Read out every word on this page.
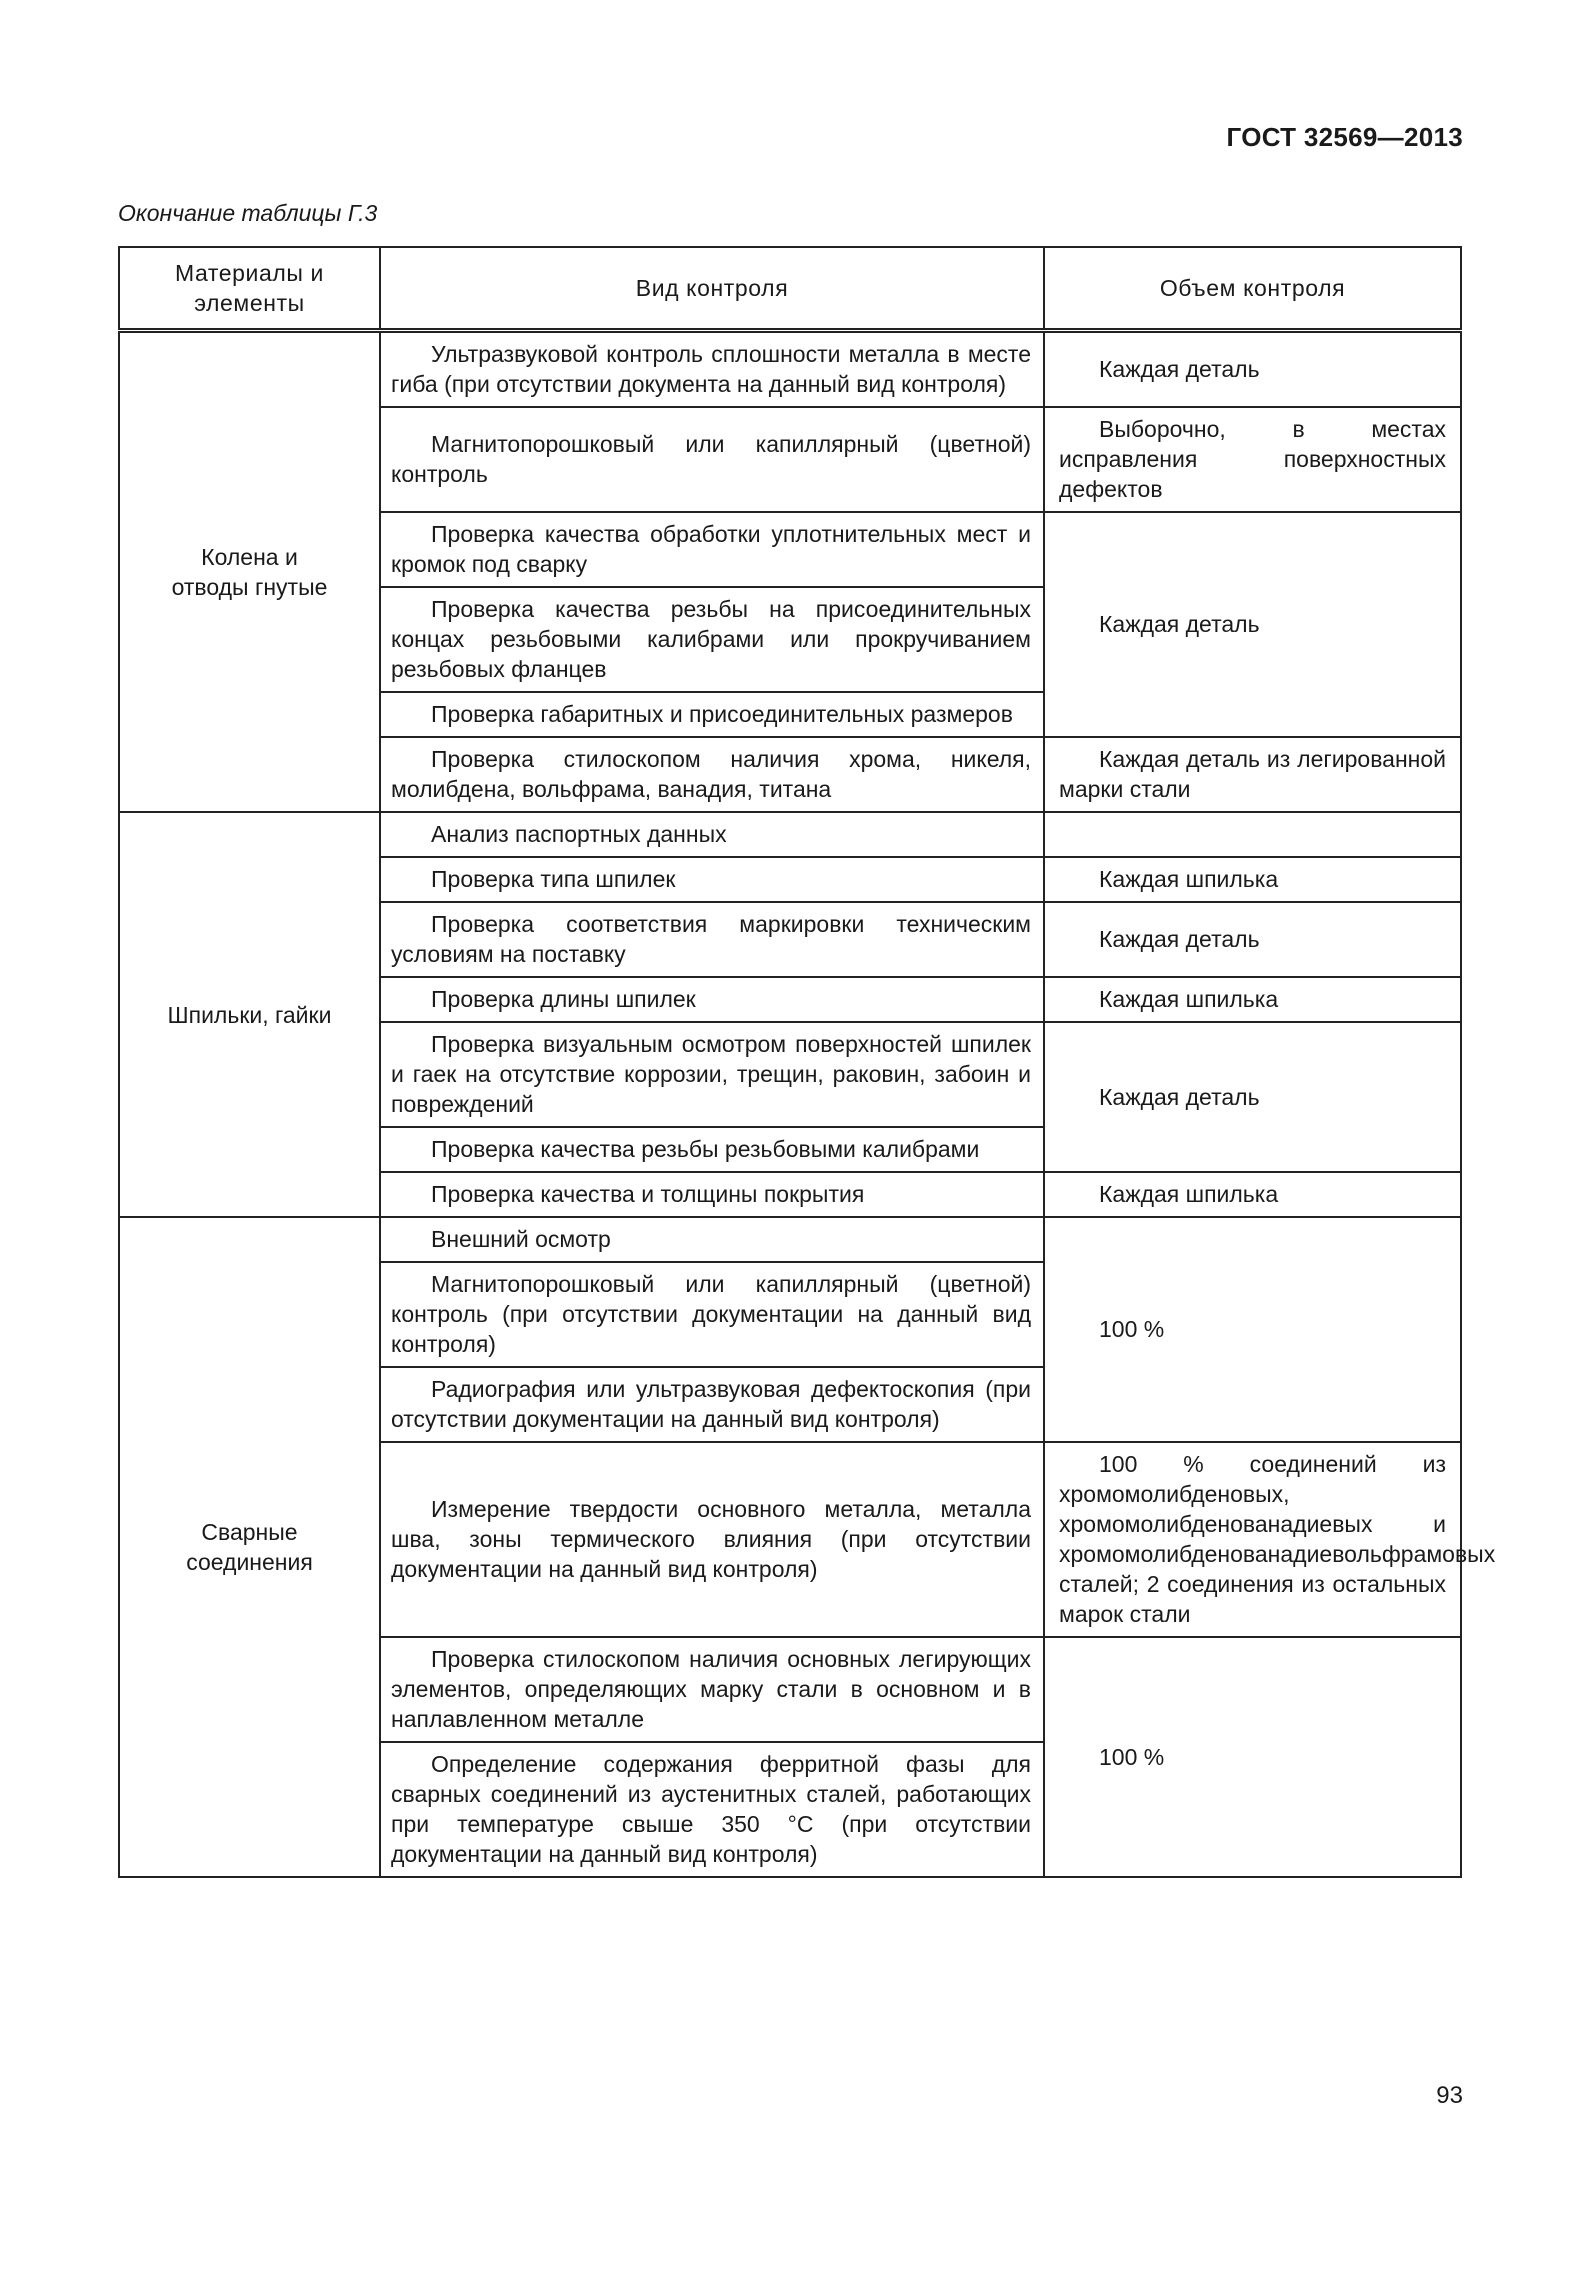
ГОСТ 32569—2013
Окончание таблицы Г.3
Материалы и элементы	Вид контроля	Объем контроля
Колена и отводы гнутые	Ультразвуковой контроль сплошности металла в месте гиба (при отсутствии документа на данный вид контроля)	Каждая деталь
	Магнитопорошковый или капиллярный (цветной) контроль	Выборочно, в местах исправления поверхностных дефектов
	Проверка качества обработки уплотнительных мест и кромок под сварку	Каждая деталь
	Проверка качества резьбы на присоединительных концах резьбовыми калибрами или прокручиванием резьбовых фланцев	
	Проверка габаритных и присоединительных размеров	
	Проверка стилоскопом наличия хрома, никеля, молибдена, вольфрама, ванадия, титана	Каждая деталь из легированной марки стали
Шпильки, гайки	Анализ паспортных данных	
	Проверка типа шпилек	Каждая шпилька
	Проверка соответствия маркировки техническим условиям на поставку	Каждая деталь
	Проверка длины шпилек	Каждая шпилька
	Проверка визуальным осмотром поверхностей шпилек и гаек на отсутствие коррозии, трещин, раковин, забоин и повреждений	Каждая деталь
	Проверка качества резьбы резьбовыми калибрами	
	Проверка качества и толщины покрытия	Каждая шпилька
Сварные соединения	Внешний осмотр	100 %
	Магнитопорошковый или капиллярный (цветной) контроль (при отсутствии документации на данный вид контроля)	
	Радиография или ультразвуковая дефектоскопия (при отсутствии документации на данный вид контроля)	
	Измерение твердости основного металла, металла шва, зоны термического влияния (при отсутствии документации на данный вид контроля)	100 % соединений из хромомолибденовых, хромомолибденованадиевых и хромомолибденованадиевольфрамовых сталей; 2 соединения из остальных марок стали
	Проверка стилоскопом наличия основных легирующих элементов, определяющих марку стали в основном и в наплавленном металле	100 %
	Определение содержания ферритной фазы для сварных соединений из аустенитных сталей, работающих при температуре свыше 350 °С (при отсутствии документации на данный вид контроля)	
93
